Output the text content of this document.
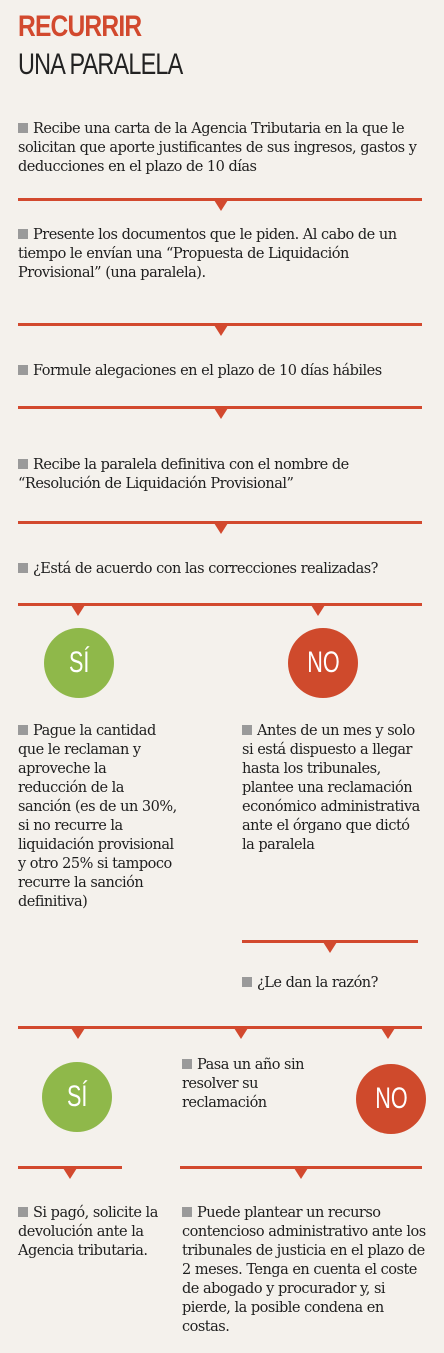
RECURRIR
UNA PARALELA
Recibe una carta de la Agencia Tributaria en la que le solicitan que aporte justificantes de sus ingresos, gastos y deducciones en el plazo de 10 días
Presente los documentos que le piden. Al cabo de un tiempo le envían una “Propuesta de Liquidación Provisional” (una paralela).
Formule alegaciones en el plazo de 10 días hábiles
Recibe la paralela definitiva con el nombre de “Resolución de Liquidación Provisional”
¿Está de acuerdo con las correcciones realizadas?
SÍ	NO
Pague la cantidad que le reclaman y aproveche la reducción de la sanción (es de un 30%, si no recurre la liquidación provisional y otro 25% si tampoco recurre la sanción definitiva)
Antes de un mes y solo si está dispuesto a llegar hasta los tribunales, plantee una reclamación económico administrativa ante el órgano que dictó la paralela
¿Le dan la razón?
SÍ	NO
Pasa un año sin resolver su reclamación
Si pagó, solicite la devolución ante la Agencia tributaria.
Puede plantear un recurso contencioso administrativo ante los tribunales de justicia en el plazo de 2 meses. Tenga en cuenta el coste de abogado y procurador y, si pierde, la posible condena en costas.
